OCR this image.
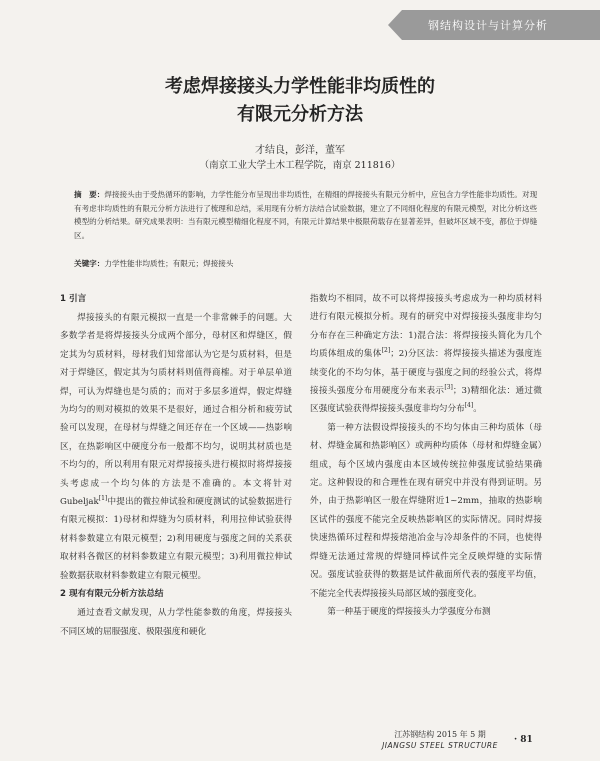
钢结构设计与计算分析
考虑焊接接头力学性能非均质性的
有限元分析方法
才结良，彭洋，董军
（南京工业大学土木工程学院，南京 211816）
摘　要：焊接接头由于受热循环的影响，力学性能分布呈现出非均质性，在精细的焊接接头有限元分析中，应包含力学性能非均质性。对现有考虑非均质性的有限元分析方法进行了梳理和总结，采用现有分析方法结合试验数据，建立了不同细化程度的有限元模型，对比分析这些模型的分析结果。研究成果表明：当有限元模型精细化程度不同，有限元计算结果中极限荷载存在显著差异，但破坏区域不变，都位于焊缝区。
关键字：力学性能非均质性；有限元；焊接接头
1 引言

焊接接头的有限元模拟一直是一个非常棘手的问题。大多数学者是将焊接接头分成两个部分，母材区和焊缝区，假定其为匀质材料，母材我们知常部认为它是匀质材料，但是对于焊缝区，假定其为匀质材料则值得商榷。对于单层单道焊，可认为焊缝也是匀质的；而对于多层多道焊，假定焊缝为均匀的则对模拟的效果不是很好，通过合相分析和疲劳试验可以发现，在母材与焊缝之间还存在一个区域——热影响区，在热影响区中硬度分布一般都不均匀，说明其材质也是不均匀的，所以利用有限元对焊接接头进行模拟时将焊接接头考虑成一个均匀体的方法是不准确的。本文将针对 Gubeljak[1]中提出的微拉伸试验和硬度测试的试验数据进行有限元模拟：1)母材和焊缝为匀质材料，利用拉伸试验获得材料参数建立有限元模型；2)利用硬度与强度之间的关系获取材料各微区的材料参数建立有限元模型；3)利用微拉伸试验数据获取材料参数建立有限元模型。

2 现有有限元分析方法总结

通过查看文献发现，从力学性能参数的角度，焊接接头不同区域的屈服强度、极限强度和硬化

指数均不相同，故不可以将焊接接头考虑成为一种均质材料进行有限元模拟分析。现有的研究中对焊接接头强度非均匀分布存在三种确定方法：1)混合法：将焊接接头简化为几个均质体组成的集体[2]；2)分区法：将焊接接头描述为强度连续变化的不均匀体，基于硬度与强度之间的经验公式，将焊接接头强度分布用硬度分布来表示[3]；3)精细化法：通过微区强度试验获得焊接接头强度非均匀分布[4]。

第一种方法假设焊接接头的不均匀体由三种均质体（母材、焊缝金属和热影响区）或两种均质体（母材和焊缝金属）组成，每个区域内强度由本区域传统拉伸强度试验结果确定。这种假设的和合理性在现有研究中并没有得到证明。另外，由于热影响区一般在焊缝附近1~2mm，抽取的热影响区试件的强度不能完全反映热影响区的实际情况。同时焊接快速热循环过程和焊接熔池冶金与冷却条件的不同，也使得焊缝无法通过常规的焊缝同棒试件完全反映焊缝的实际情况。强度试验获得的数据是试件截面所代表的强度平均值，不能完全代表焊接接头局部区域的强度变化。

第一种基于硬度的焊接接头力学强度分布测

江苏钢结构 2015 年 5 期
JIANGSU STEEL STRUCTURE
· 81
